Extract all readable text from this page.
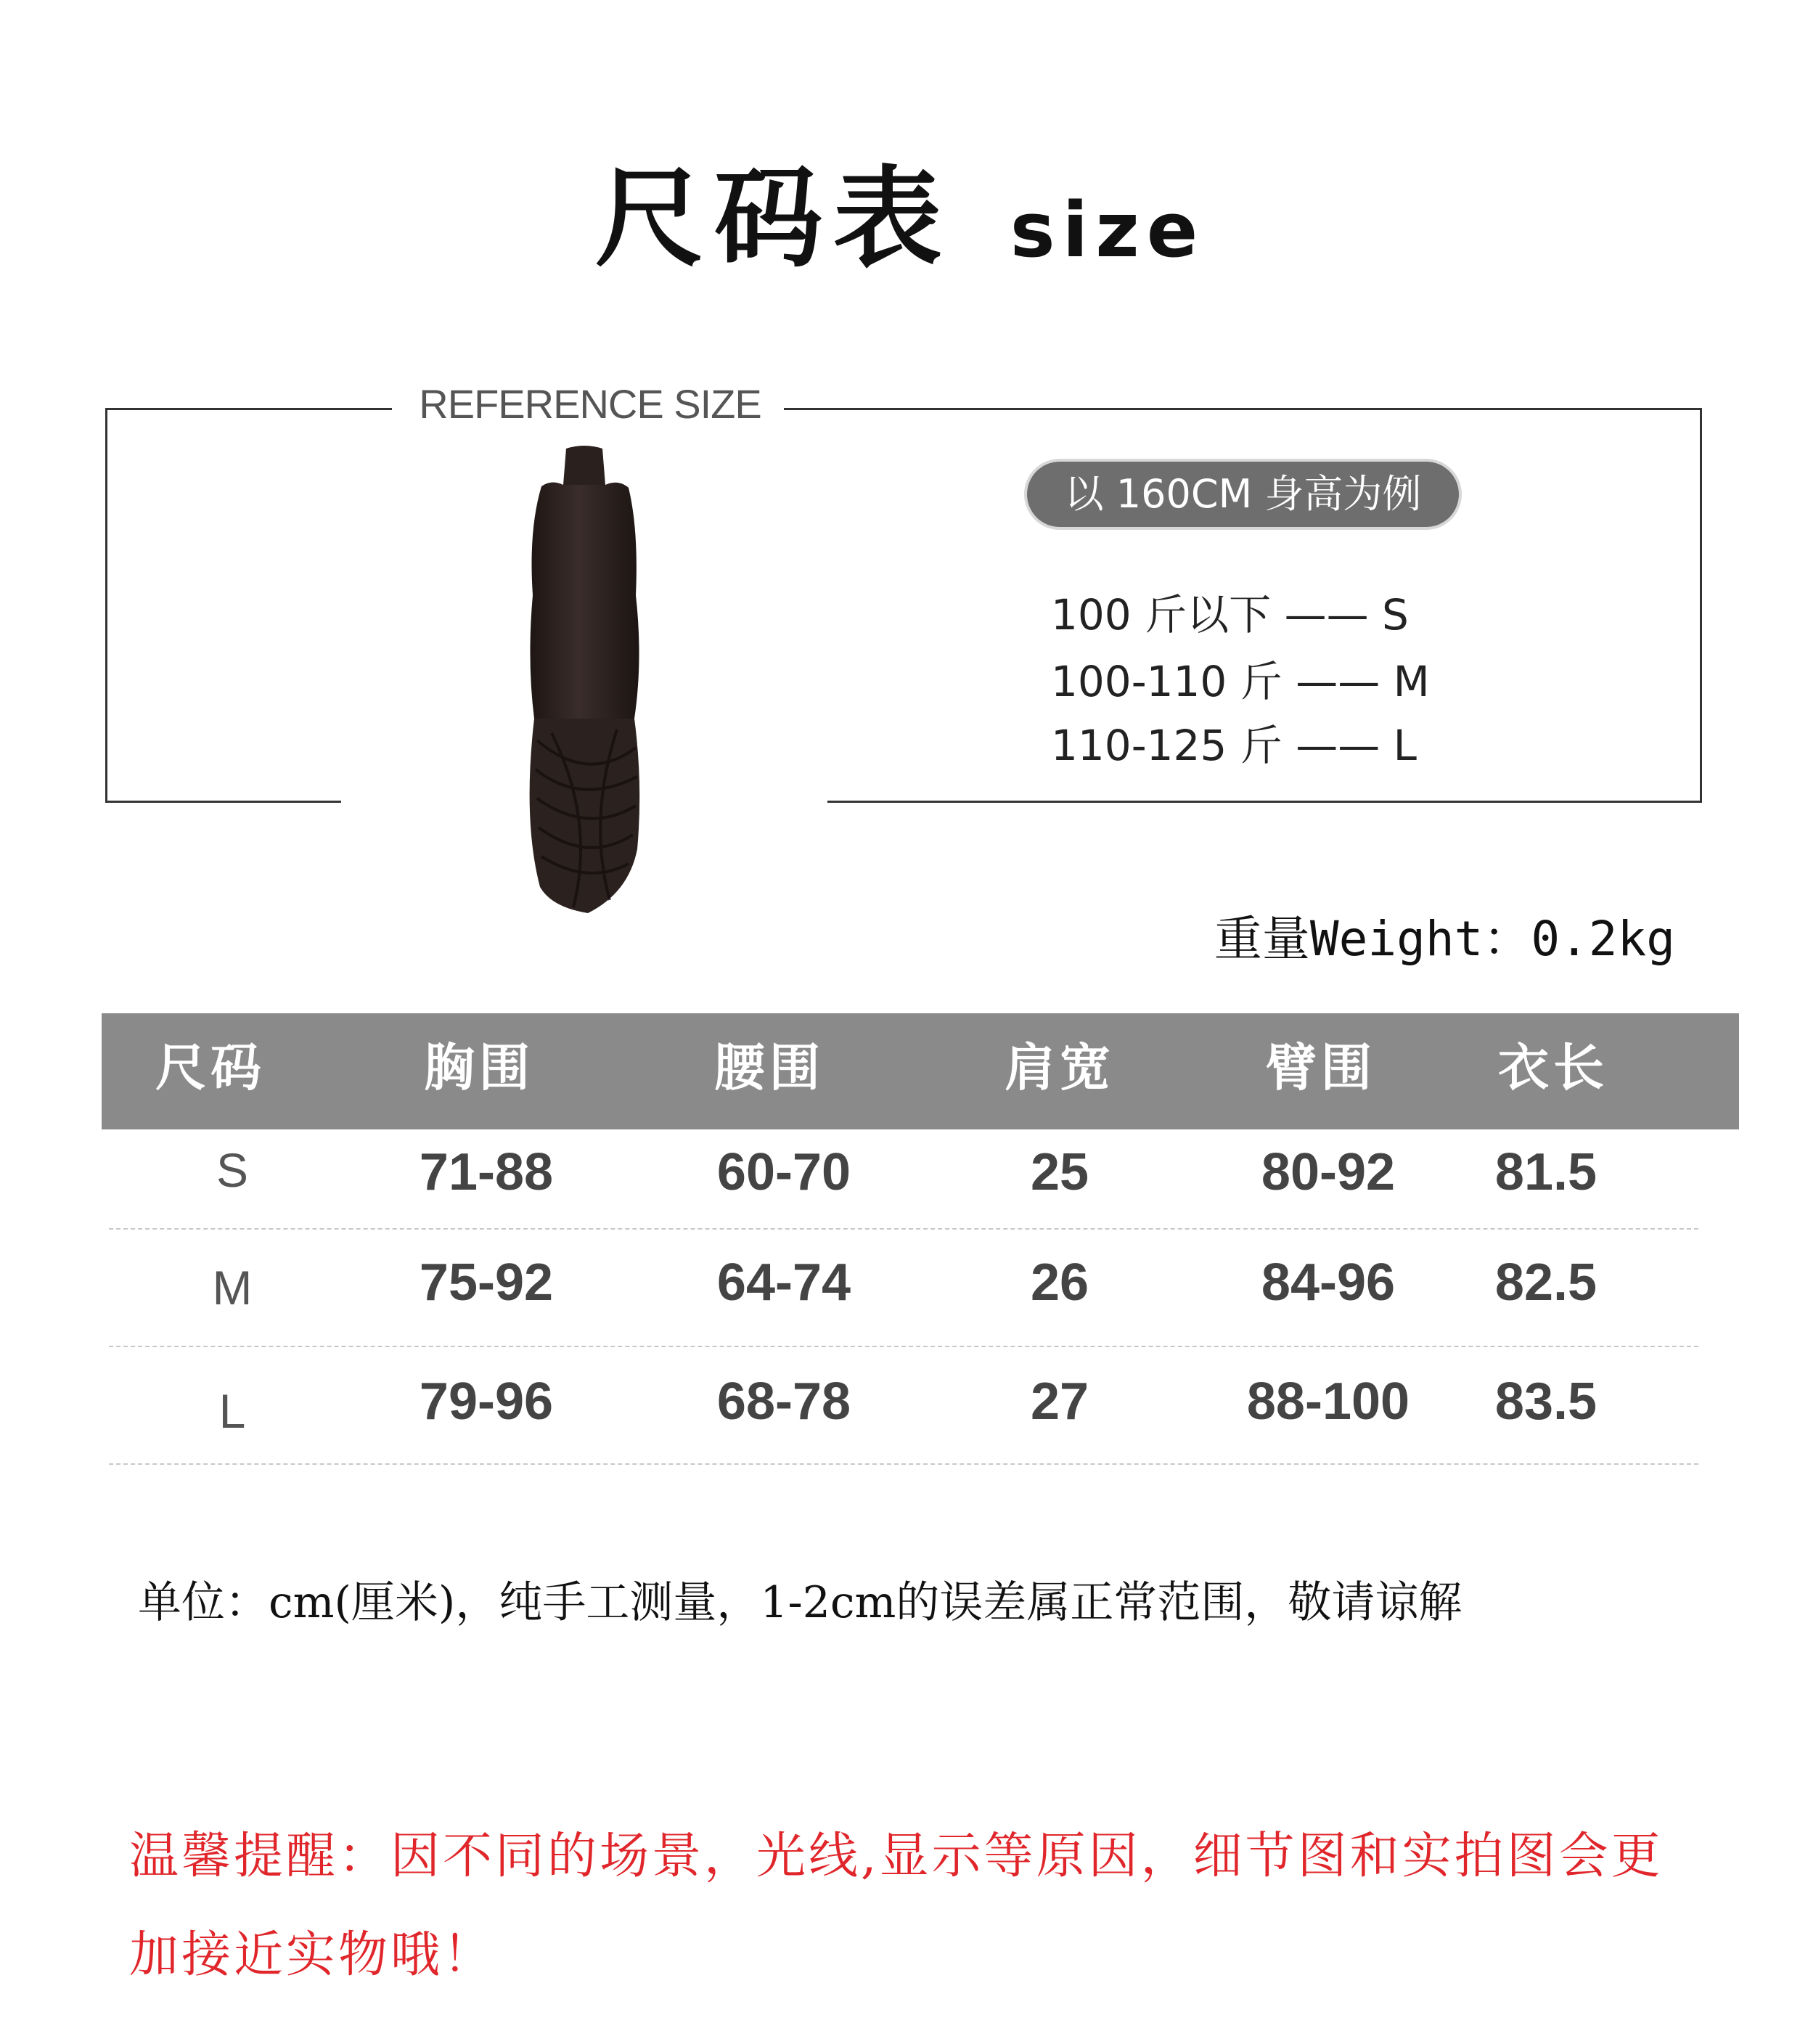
尺码表 size
REFERENCE SIZE
以 160CM 身高为例
100 斤以下 —— S
100-110 斤 —— M
110-125 斤 —— L
重量Weight：0.2kg
尺码	胸围	腰围	肩宽	臂围	衣长
S	71-88	60-70	25	80-92	81.5
M	75-92	64-74	26	84-96	82.5
L	79-96	68-78	27	88-100	83.5
单位：cm(厘米)，纯手工测量，1-2cm的误差属正常范围，敬请谅解
温馨提醒：因不同的场景，光线,显示等原因，细节图和实拍图会更加接近实物哦！
